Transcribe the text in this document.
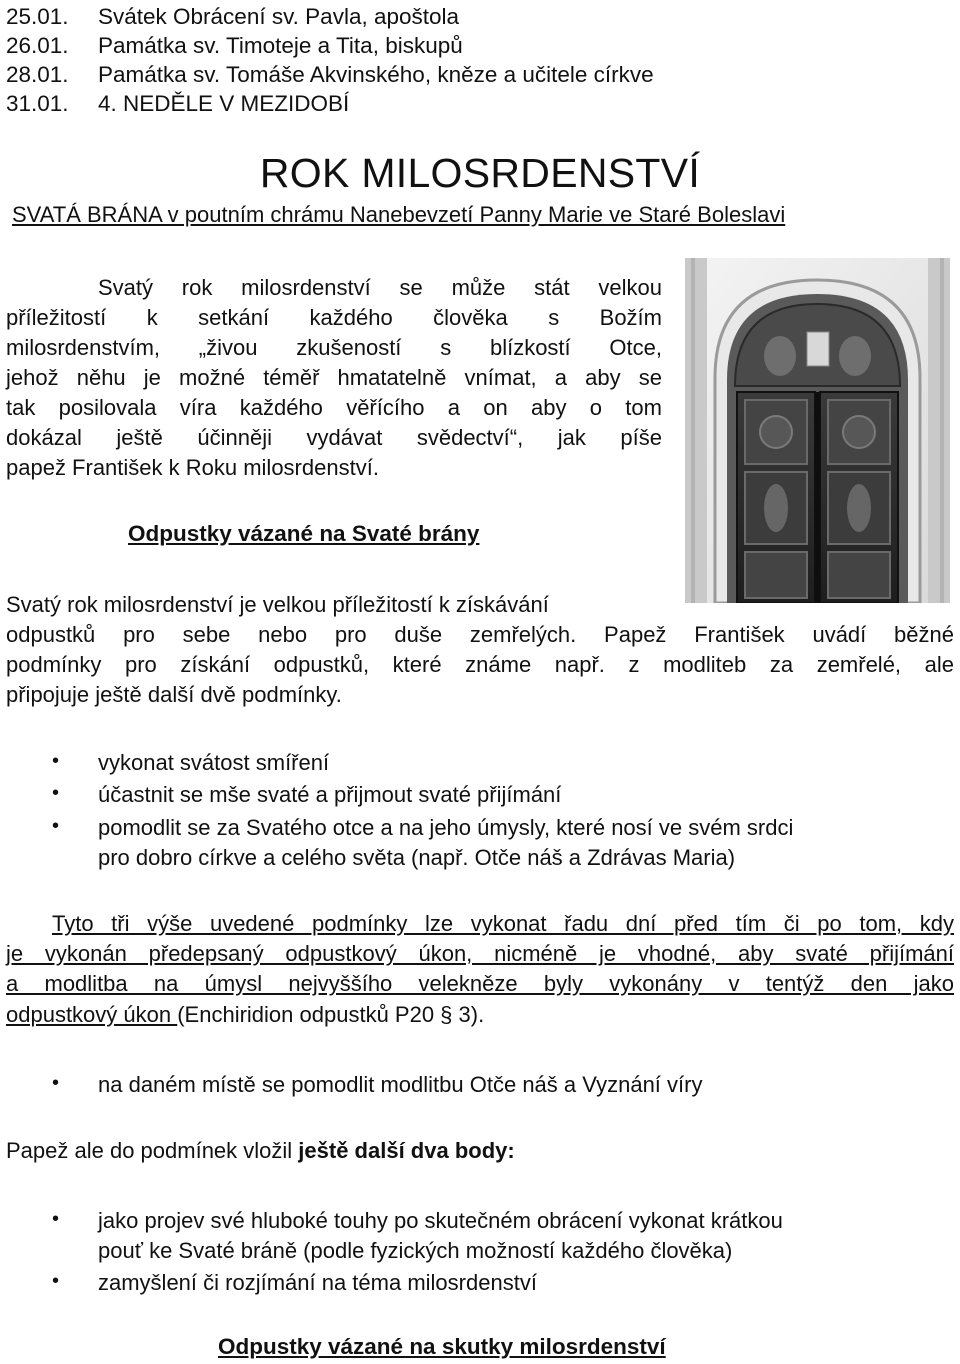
25.01. Svátek Obrácení sv. Pavla, apoštola
26.01. Památka sv. Timoteje a Tita, biskupů
28.01. Památka sv. Tomáše Akvinského, kněze a učitele církve
31.01. 4. NEDĚLE V MEZIDOBÍ
ROK MILOSRDENSTVÍ
SVATÁ BRÁNA v poutním chrámu Nanebevzetí Panny Marie ve Staré Boleslavi
Svatý rok milosrdenství se může stát velkou
příležitostí k setkání každého člověka s Božím
milosrdenstvím, „živou zkušeností s blízkostí Otce,
jehož něhu je možné téměř hmatatelně vnímat, a aby se
tak posilovala víra každého věřícího a on aby o tom
dokázal ještě účinněji vydávat svědectví“, jak píše
papež František k Roku milosrdenství.
Odpustky vázané na Svaté brány
Svatý rok milosrdenství je velkou příležitostí k získávání
odpustků pro sebe nebo pro duše zemřelých. Papež František uvádí běžné
podmínky pro získání odpustků, které známe např. z modliteb za zemřelé, ale
připojuje ještě další dvě podmínky.
• vykonat svátost smíření
• účastnit se mše svaté a přijmout svaté přijímání
• pomodlit se za Svatého otce a na jeho úmysly, které nosí ve svém srdci
pro dobro církve a celého světa (např. Otče náš a Zdrávas Maria)
Tyto tři výše uvedené podmínky lze vykonat řadu dní před tím či po tom, kdy
je vykonán předepsaný odpustkový úkon, nicméně je vhodné, aby svaté přijímání
a modlitba na úmysl nejvyššího velekněze byly vykonány v tentýž den jako
odpustkový úkon (Enchiridion odpustků P20 § 3).
• na daném místě se pomodlit modlitbu Otče náš a Vyznání víry
Papež ale do podmínek vložil ještě další dva body:
• jako projev své hluboké touhy po skutečném obrácení vykonat krátkou
pouť ke Svaté bráně (podle fyzických možností každého člověka)
• zamyšlení či rozjímání na téma milosrdenství
Odpustky vázané na skutky milosrdenství
